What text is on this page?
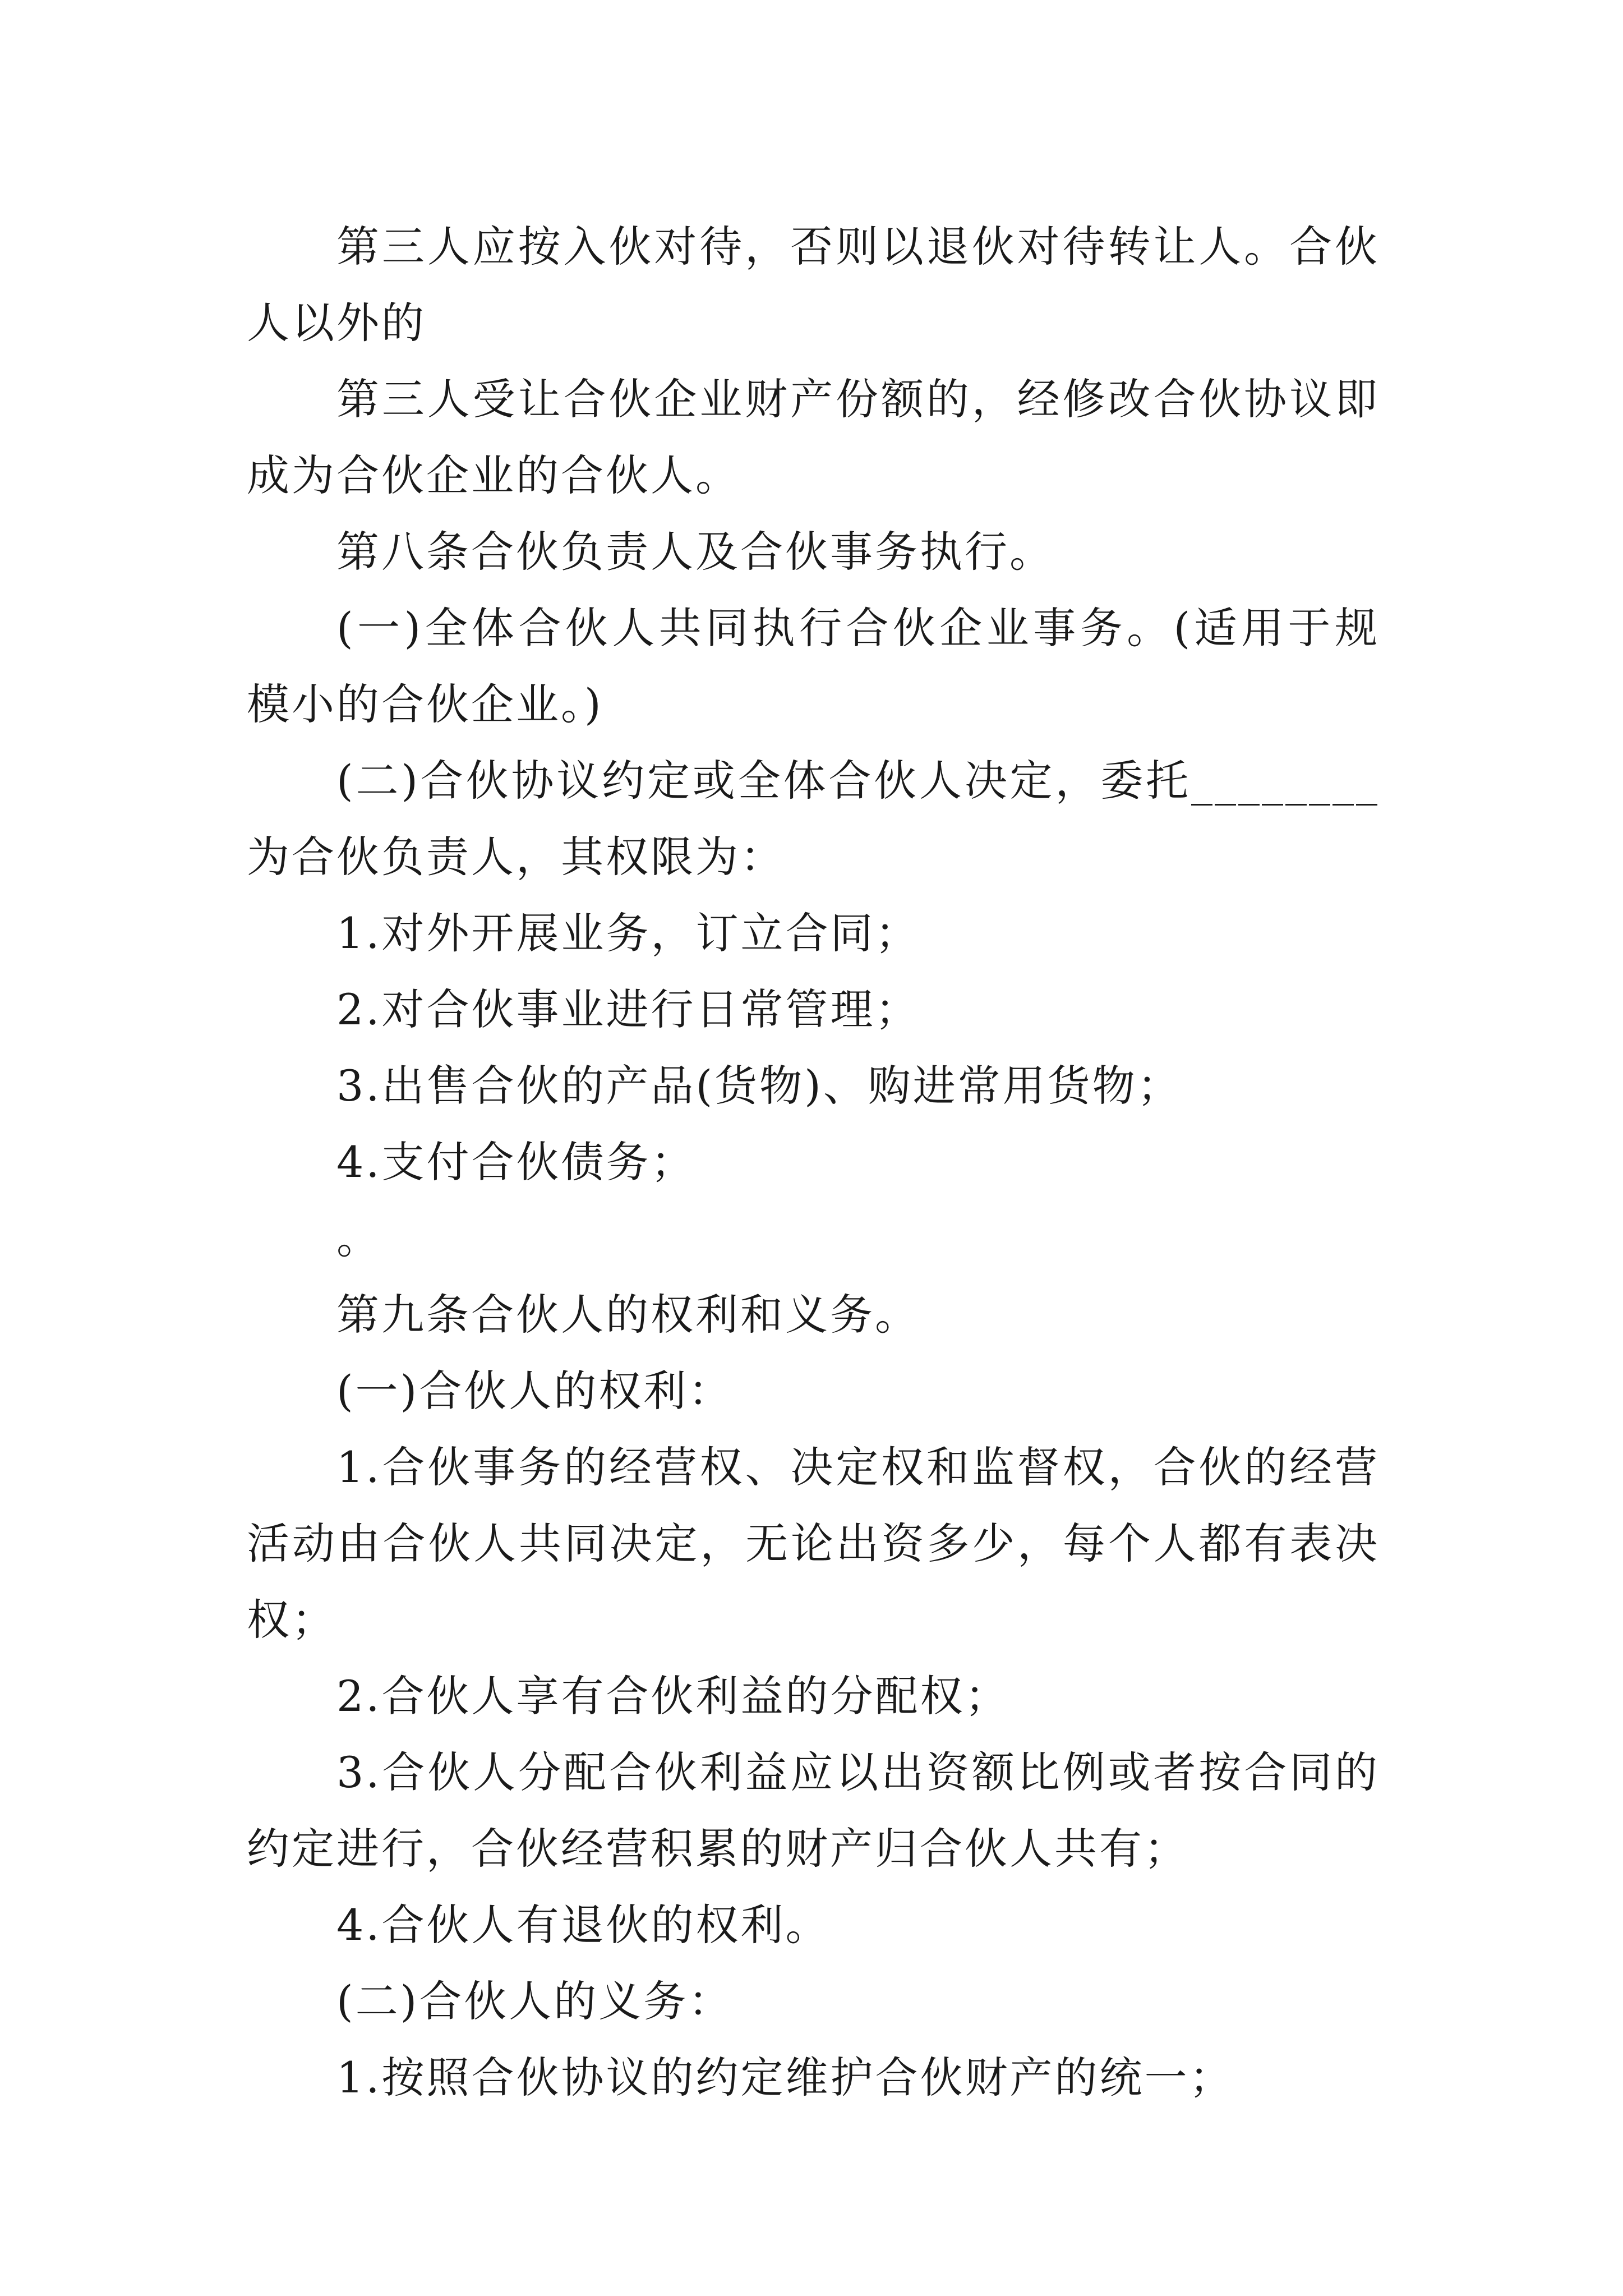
第三人应按入伙对待，否则以退伙对待转让人。合伙人以外的

第三人受让合伙企业财产份额的，经修改合伙协议即成为合伙企业的合伙人。

第八条合伙负责人及合伙事务执行。

(一)全体合伙人共同执行合伙企业事务。(适用于规模小的合伙企业。)

(二)合伙协议约定或全体合伙人决定，委托________为合伙负责人，其权限为：

1.对外开展业务，订立合同；

2.对合伙事业进行日常管理；

3.出售合伙的产品(货物)、购进常用货物；

4.支付合伙债务；

。

第九条合伙人的权利和义务。

(一)合伙人的权利：

1.合伙事务的经营权、决定权和监督权，合伙的经营活动由合伙人共同决定，无论出资多少，每个人都有表决权；

2.合伙人享有合伙利益的分配权；

3.合伙人分配合伙利益应以出资额比例或者按合同的约定进行，合伙经营积累的财产归合伙人共有；

4.合伙人有退伙的权利。

(二)合伙人的义务：

1.按照合伙协议的约定维护合伙财产的统一；
